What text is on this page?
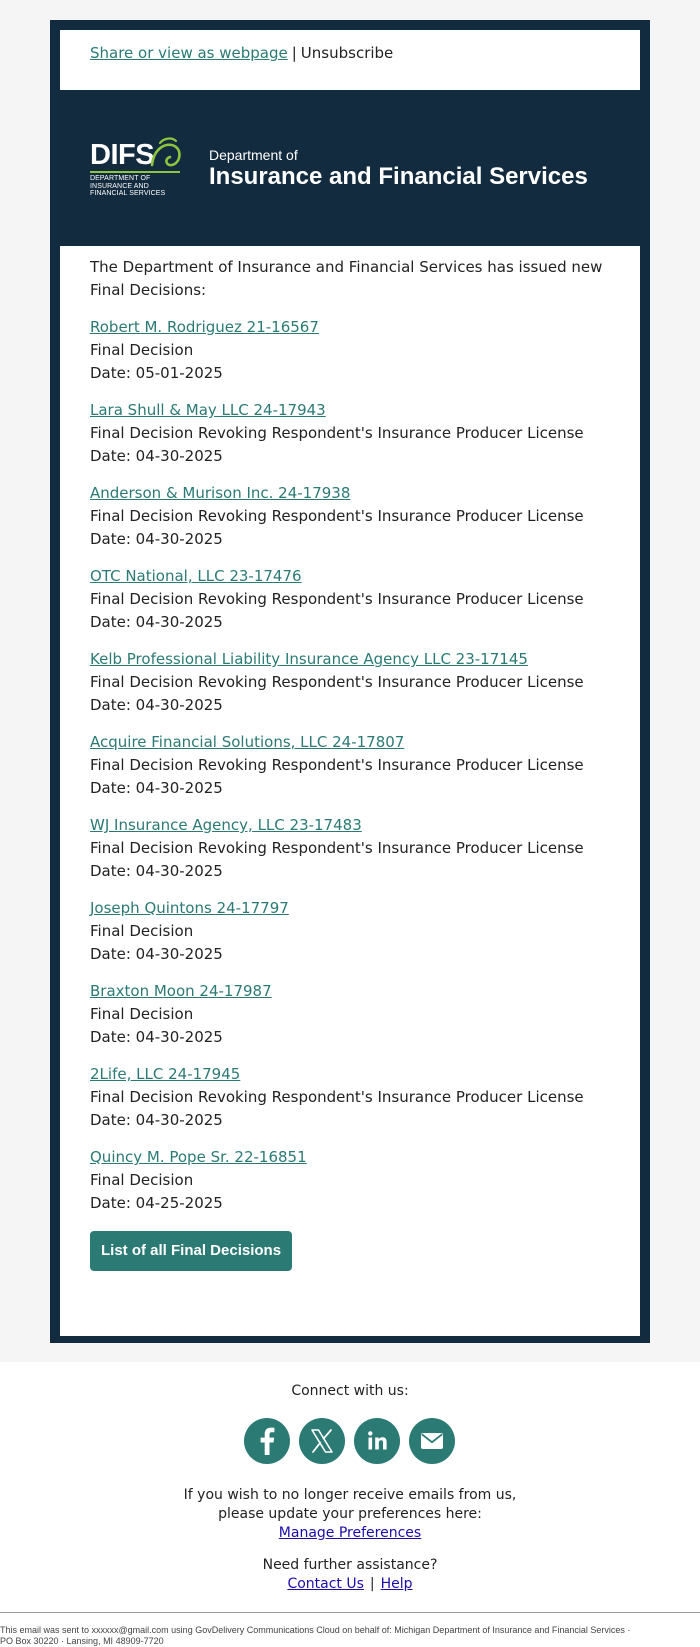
Share or view as webpage | Unsubscribe
DIFS
DEPARTMENT OF
INSURANCE AND
FINANCIAL SERVICES
Department of
Insurance and Financial Services

The Department of Insurance and Financial Services has issued new Final Decisions:

Robert M. Rodriguez 21-16567
Final Decision
Date: 05-01-2025
Lara Shull & May LLC 24-17943
Final Decision Revoking Respondent's Insurance Producer License
Date: 04-30-2025
Anderson & Murison Inc. 24-17938
Final Decision Revoking Respondent's Insurance Producer License
Date: 04-30-2025
OTC National, LLC 23-17476
Final Decision Revoking Respondent's Insurance Producer License
Date: 04-30-2025
Kelb Professional Liability Insurance Agency LLC 23-17145
Final Decision Revoking Respondent's Insurance Producer License
Date: 04-30-2025
Acquire Financial Solutions, LLC 24-17807
Final Decision Revoking Respondent's Insurance Producer License
Date: 04-30-2025
WJ Insurance Agency, LLC 23-17483
Final Decision Revoking Respondent's Insurance Producer License
Date: 04-30-2025
Joseph Quintons 24-17797
Final Decision
Date: 04-30-2025
Braxton Moon 24-17987
Final Decision
Date: 04-30-2025
2Life, LLC 24-17945
Final Decision Revoking Respondent's Insurance Producer License
Date: 04-30-2025
Quincy M. Pope Sr. 22-16851
Final Decision
Date: 04-25-2025
List of all Final Decisions
Connect with us:
If you wish to no longer receive emails from us,
please update your preferences here:
Manage Preferences
Need further assistance?
Contact Us | Help
This email was sent to xxxxxx@gmail.com using GovDelivery Communications Cloud on behalf of: Michigan Department of Insurance and Financial Services · PO Box 30220 · Lansing, MI 48909-7720
